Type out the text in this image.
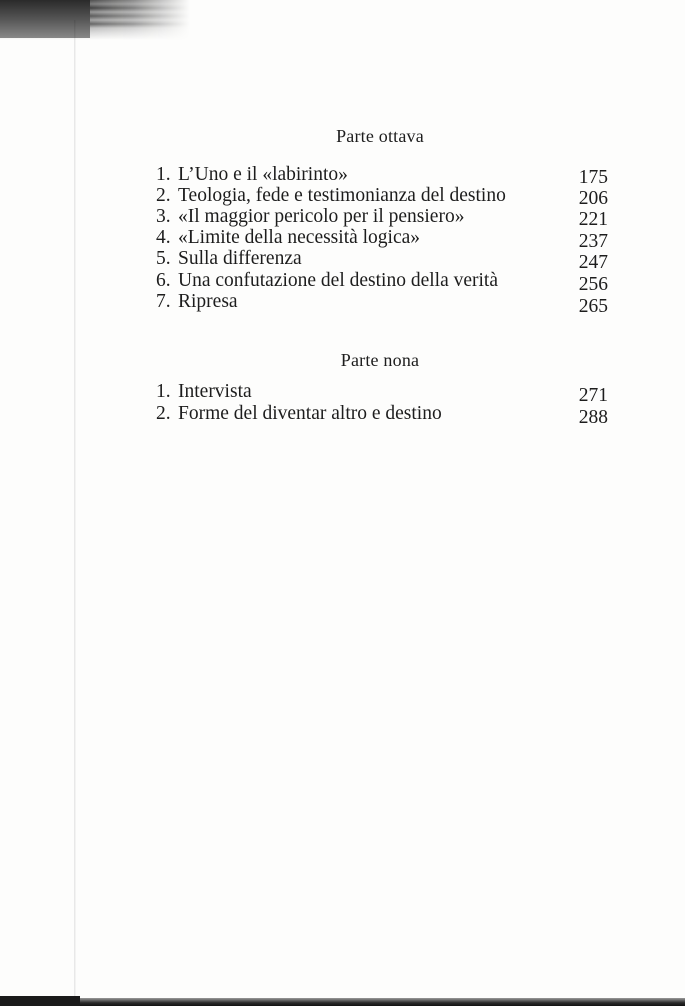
Parte ottava
1. L’Uno e il «labirinto»	175
2. Teologia, fede e testimonianza del destino	206
3. «Il maggior pericolo per il pensiero»	221
4. «Limite della necessità logica»	237
5. Sulla differenza	247
6. Una confutazione del destino della verità	256
7. Ripresa	265
Parte nona
1. Intervista	271
2. Forme del diventar altro e destino	288
